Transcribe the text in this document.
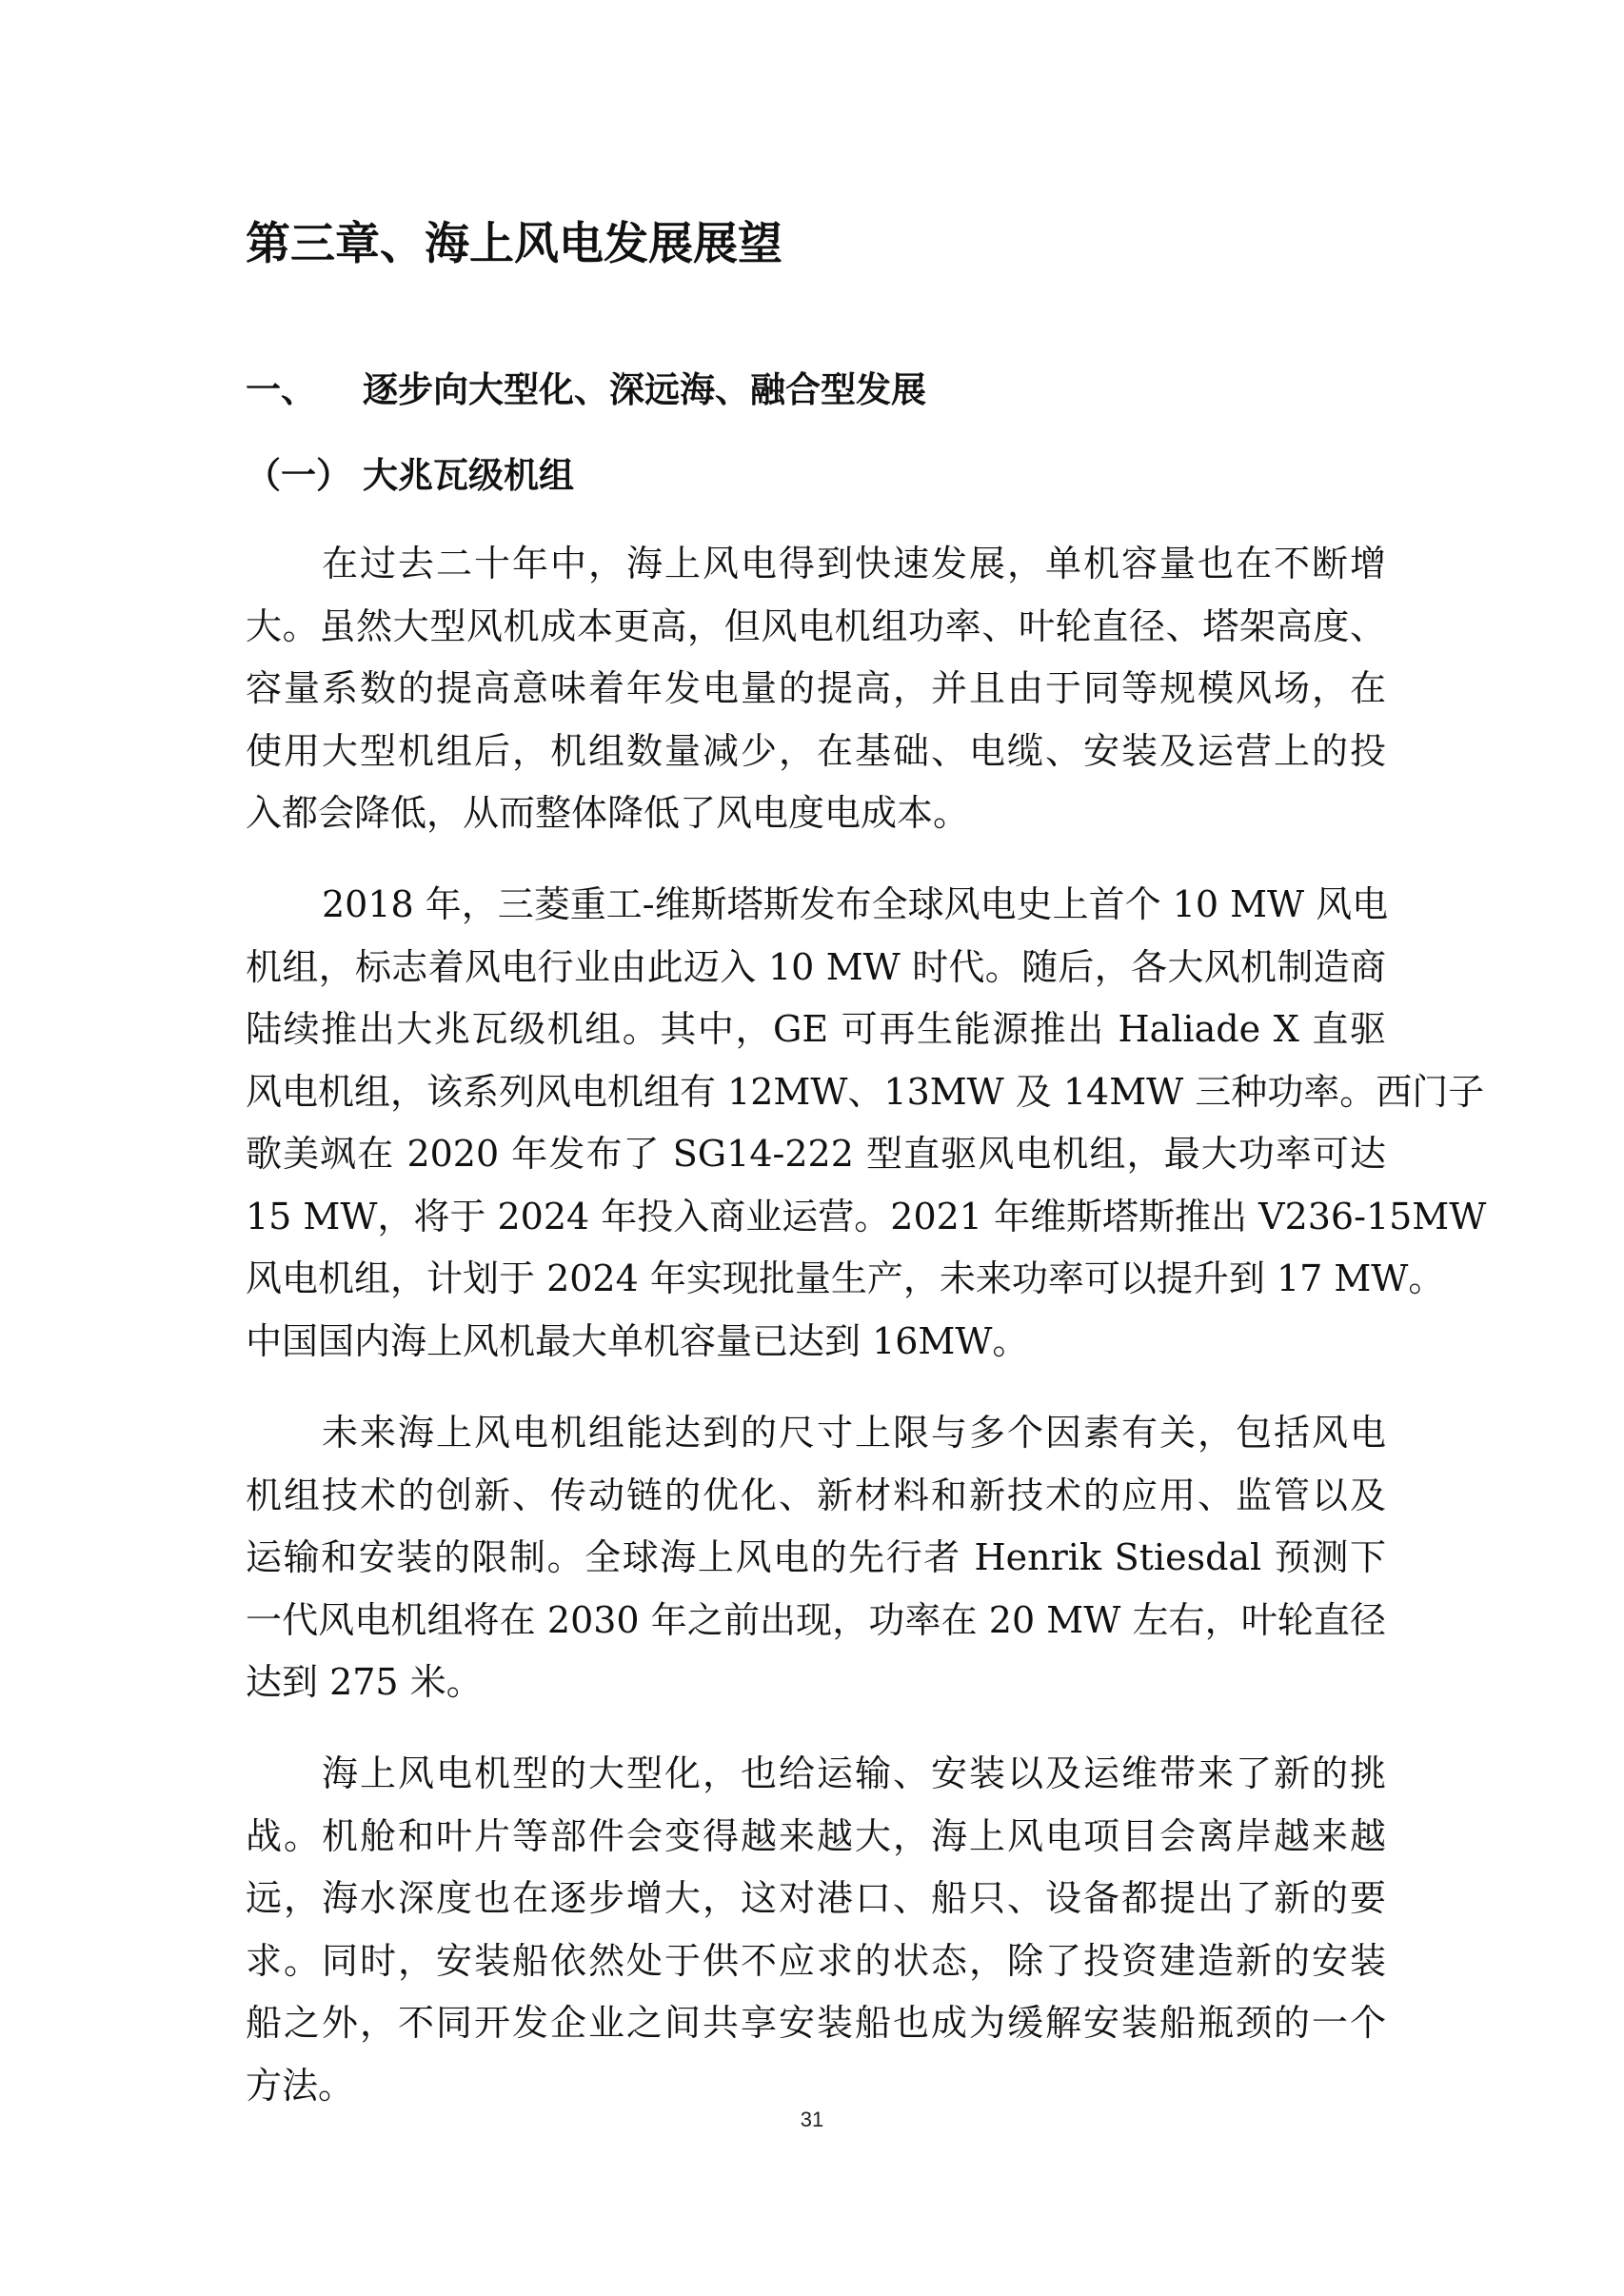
第三章、海上风电发展展望
一、 逐步向大型化、深远海、融合型发展
（一） 大兆瓦级机组

在过去二十年中，海上风电得到快速发展，单机容量也在不断增
大。虽然大型风机成本更高，但风电机组功率、叶轮直径、塔架高度、
容量系数的提高意味着年发电量的提高，并且由于同等规模风场，在
使用大型机组后，机组数量减少，在基础、电缆、安装及运营上的投
入都会降低，从而整体降低了风电度电成本。

2018 年，三菱重工-维斯塔斯发布全球风电史上首个 10 MW 风电
机组，标志着风电行业由此迈入 10 MW 时代。随后，各大风机制造商
陆续推出大兆瓦级机组。其中，GE 可再生能源推出 Haliade X 直驱
风电机组，该系列风电机组有 12MW、13MW 及 14MW 三种功率。西门子
歌美飒在 2020 年发布了 SG14-222 型直驱风电机组，最大功率可达
15 MW，将于 2024 年投入商业运营。2021 年维斯塔斯推出 V236-15MW
风电机组，计划于 2024 年实现批量生产，未来功率可以提升到 17 MW。
中国国内海上风机最大单机容量已达到 16MW。

未来海上风电机组能达到的尺寸上限与多个因素有关，包括风电
机组技术的创新、传动链的优化、新材料和新技术的应用、监管以及
运输和安装的限制。全球海上风电的先行者 Henrik Stiesdal 预测下
一代风电机组将在 2030 年之前出现，功率在 20 MW 左右，叶轮直径
达到 275 米。

海上风电机型的大型化，也给运输、安装以及运维带来了新的挑
战。机舱和叶片等部件会变得越来越大，海上风电项目会离岸越来越
远，海水深度也在逐步增大，这对港口、船只、设备都提出了新的要
求。同时，安装船依然处于供不应求的状态，除了投资建造新的安装
船之外，不同开发企业之间共享安装船也成为缓解安装船瓶颈的一个
方法。

31
